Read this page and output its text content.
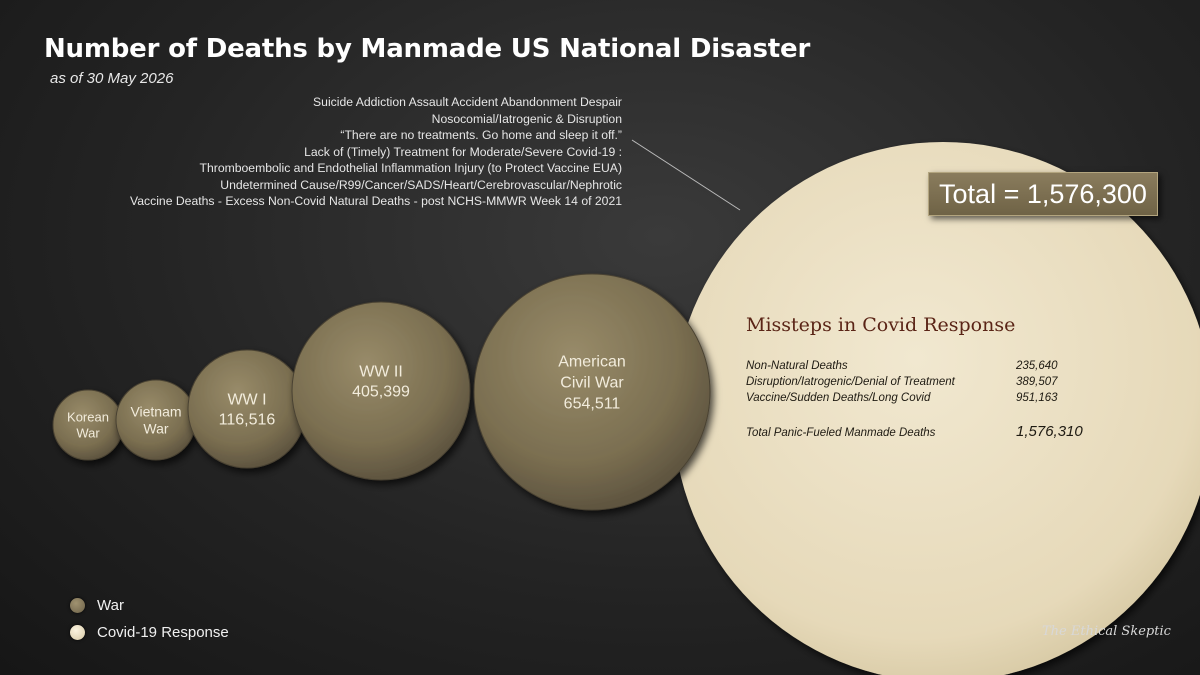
Number of Deaths by Manmade US National Disaster
as of 30 May 2026
Suicide Addiction Assault Accident Abandonment Despair
Nosocomial/Iatrogenic & Disruption
“There are no treatments. Go home and sleep it off.”
Lack of (Timely) Treatment for Moderate/Severe Covid-19 :
Thromboembolic and Endothelial Inflammation Injury (to Protect Vaccine EUA)
Undetermined Cause/R99/Cancer/SADS/Heart/Cerebrovascular/Nephrotic
Vaccine Deaths - Excess Non-Covid Natural Deaths - post NCHS-MMWR Week 14 of 2021
Korean
War
Vietnam
War
WW I
116,516
WW II
405,399
American
Civil War
654,511
Total = 1,576,300
Missteps in Covid Response
Non-Natural Deaths	235,640
Disruption/Iatrogenic/Denial of Treatment	389,507
Vaccine/Sudden Deaths/Long Covid	951,163
Total Panic-Fueled Manmade Deaths	1,576,310
War
Covid-19 Response	The Ethical Skeptic
